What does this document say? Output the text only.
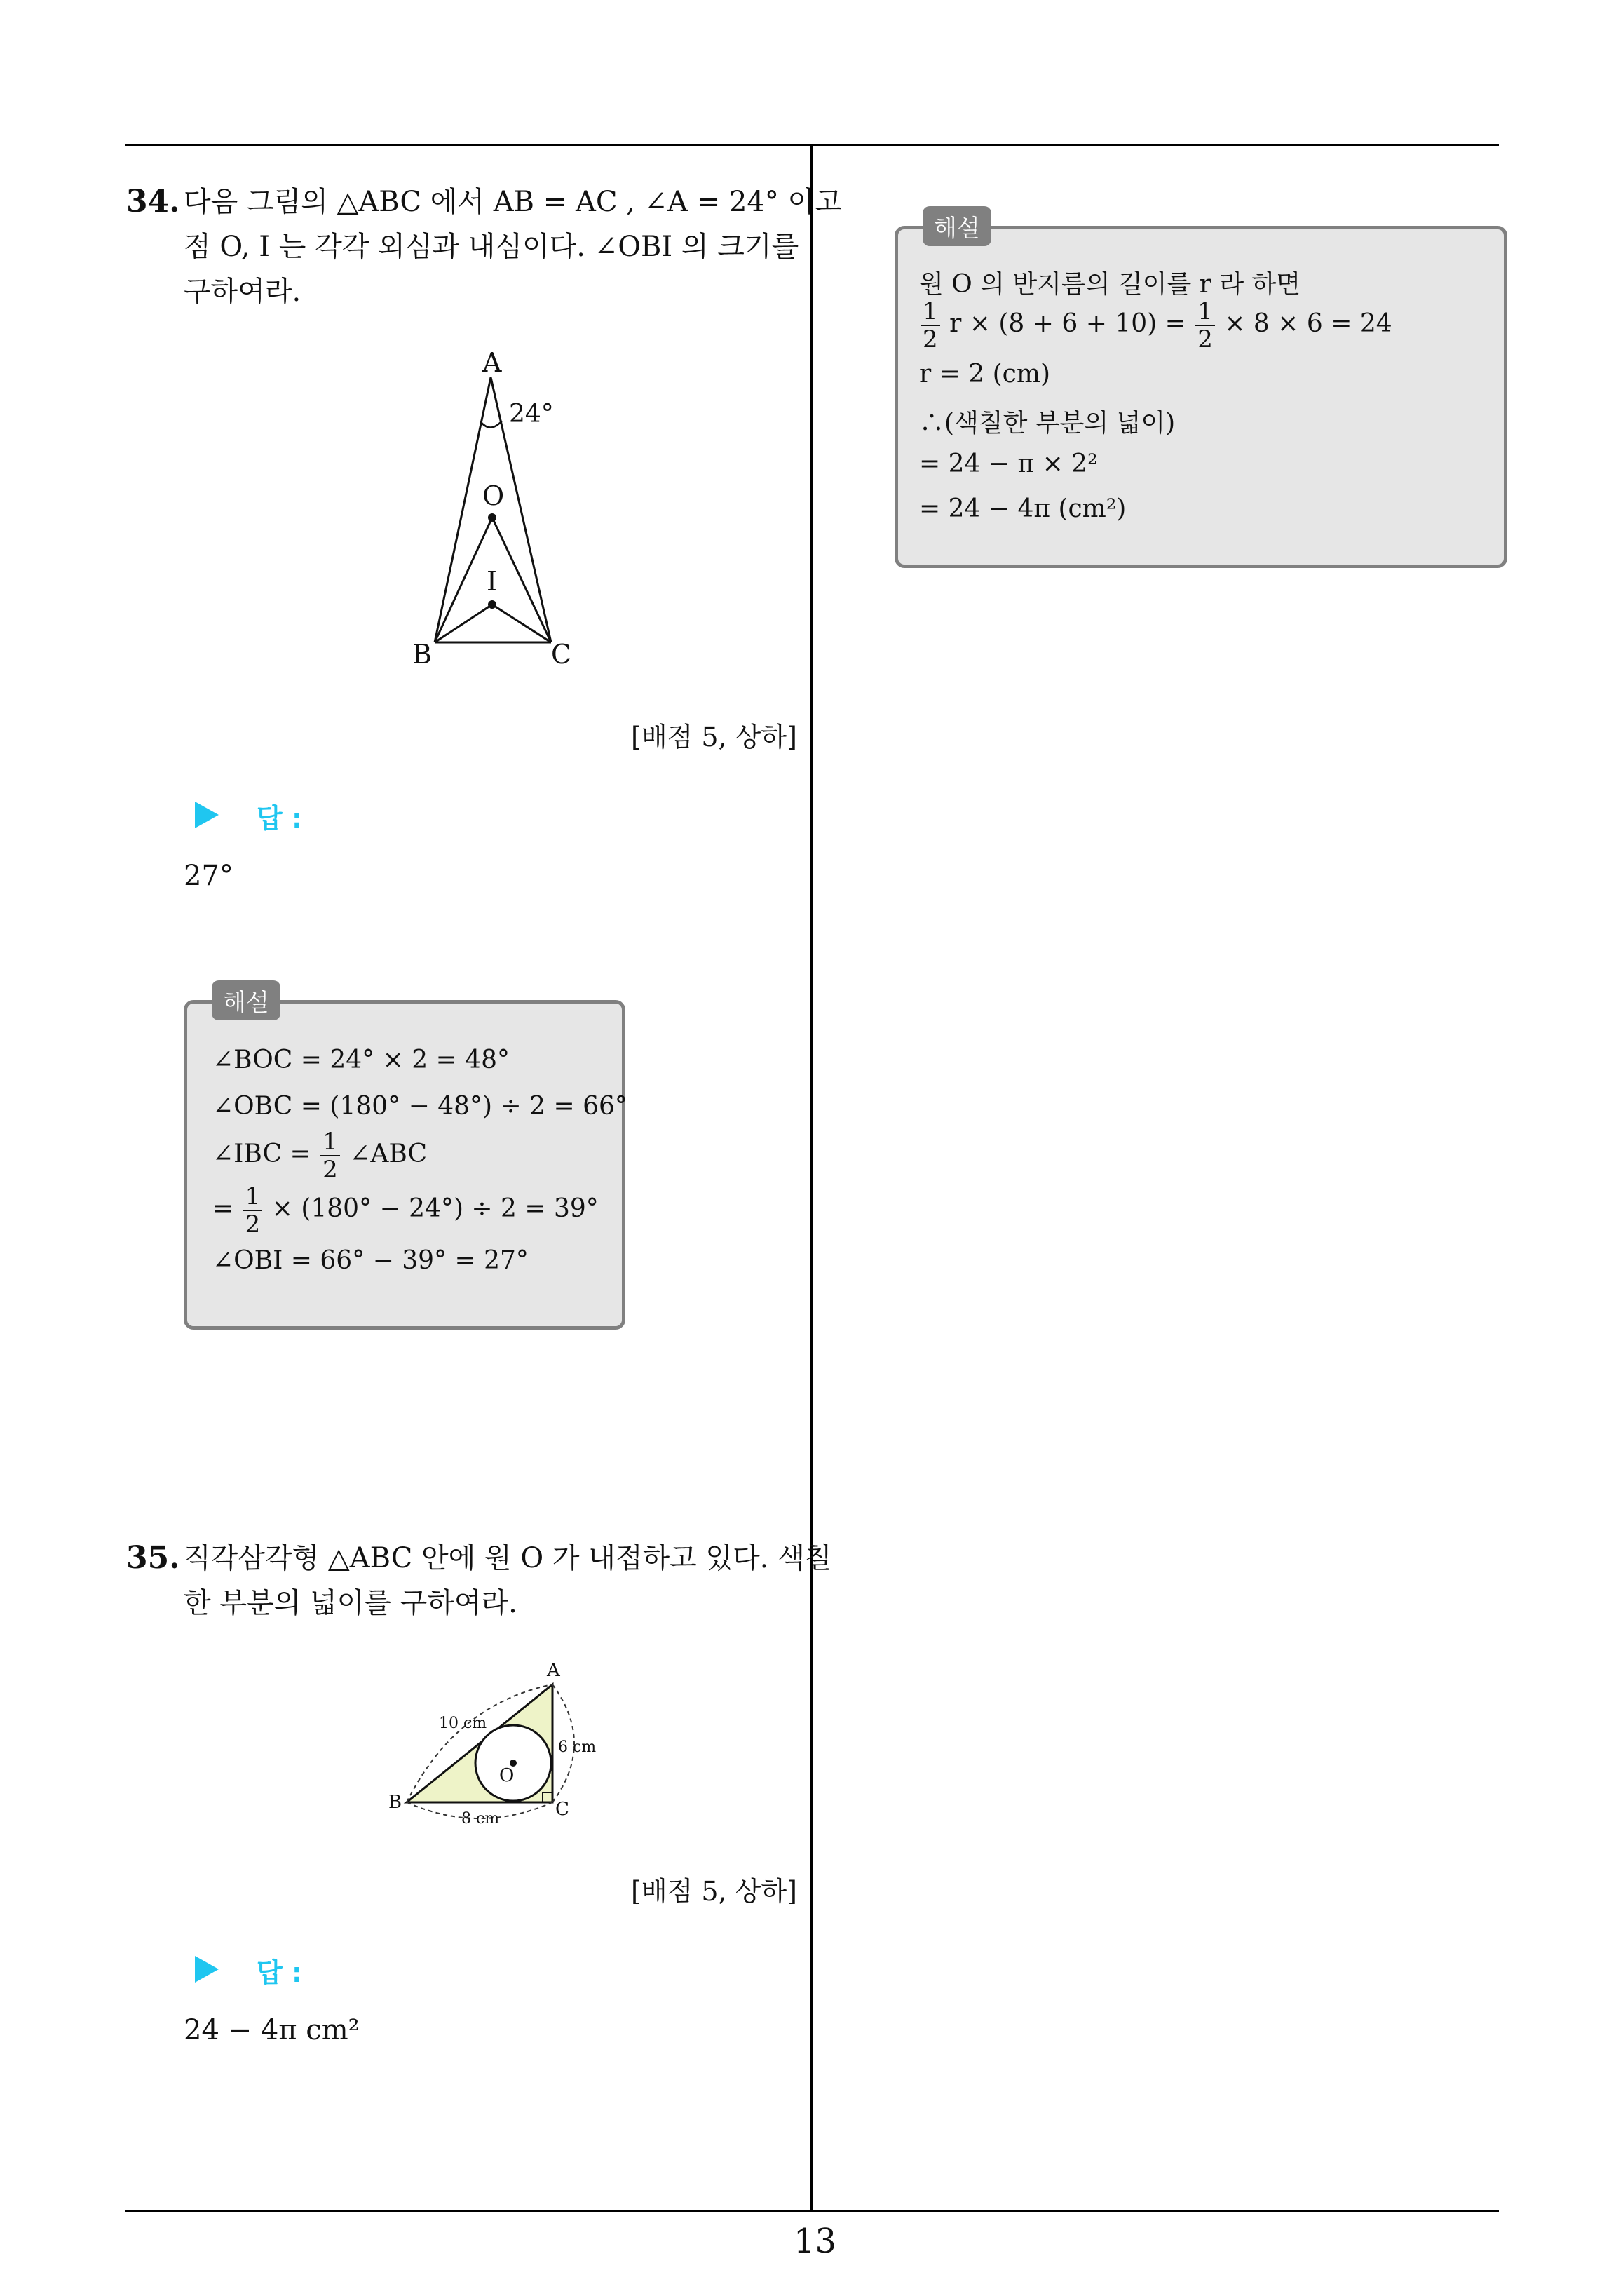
13
34. 다음 그림의 △ABC 에서 AB = AC , ∠A = 24° 이고
점 O, I 는 각각 외심과 내심이다. ∠OBI 의 크기를
구하여라.
A
24°
O
I
B	C
[배점 5, 상하]
답 :
27°
∠BOC = 24° × 2 = 48°
∠OBC = (180° − 48°) ÷ 2 = 66°
∠IBC = $\frac{1}{2}$ ∠ABC
= $\frac{1}{2} \times (180^\circ - 24^\circ) \div 2 = 39^\circ$
∠OBI = 66° − 39° = 27°
해설
35. 직각삼각형 △ABC 안에 원 O 가 내접하고 있다. 색칠
한 부분의 넓이를 구하여라.
A
B	C
O
10 cm
6 cm
8 cm
[배점 5, 상하]
답 :
24 − 4π cm²
원 O 의 반지름의 길이를 r 라 하면
$\frac{1}{2}$ $r \times (8 + 6 + 10) = \frac{1}{2} \times 8 \times 6 = 24$
r = 2 (cm)
∴(색칠한 부분의 넓이)
= 24 − π × 2²
= 24 − 4π (cm²)
해설
